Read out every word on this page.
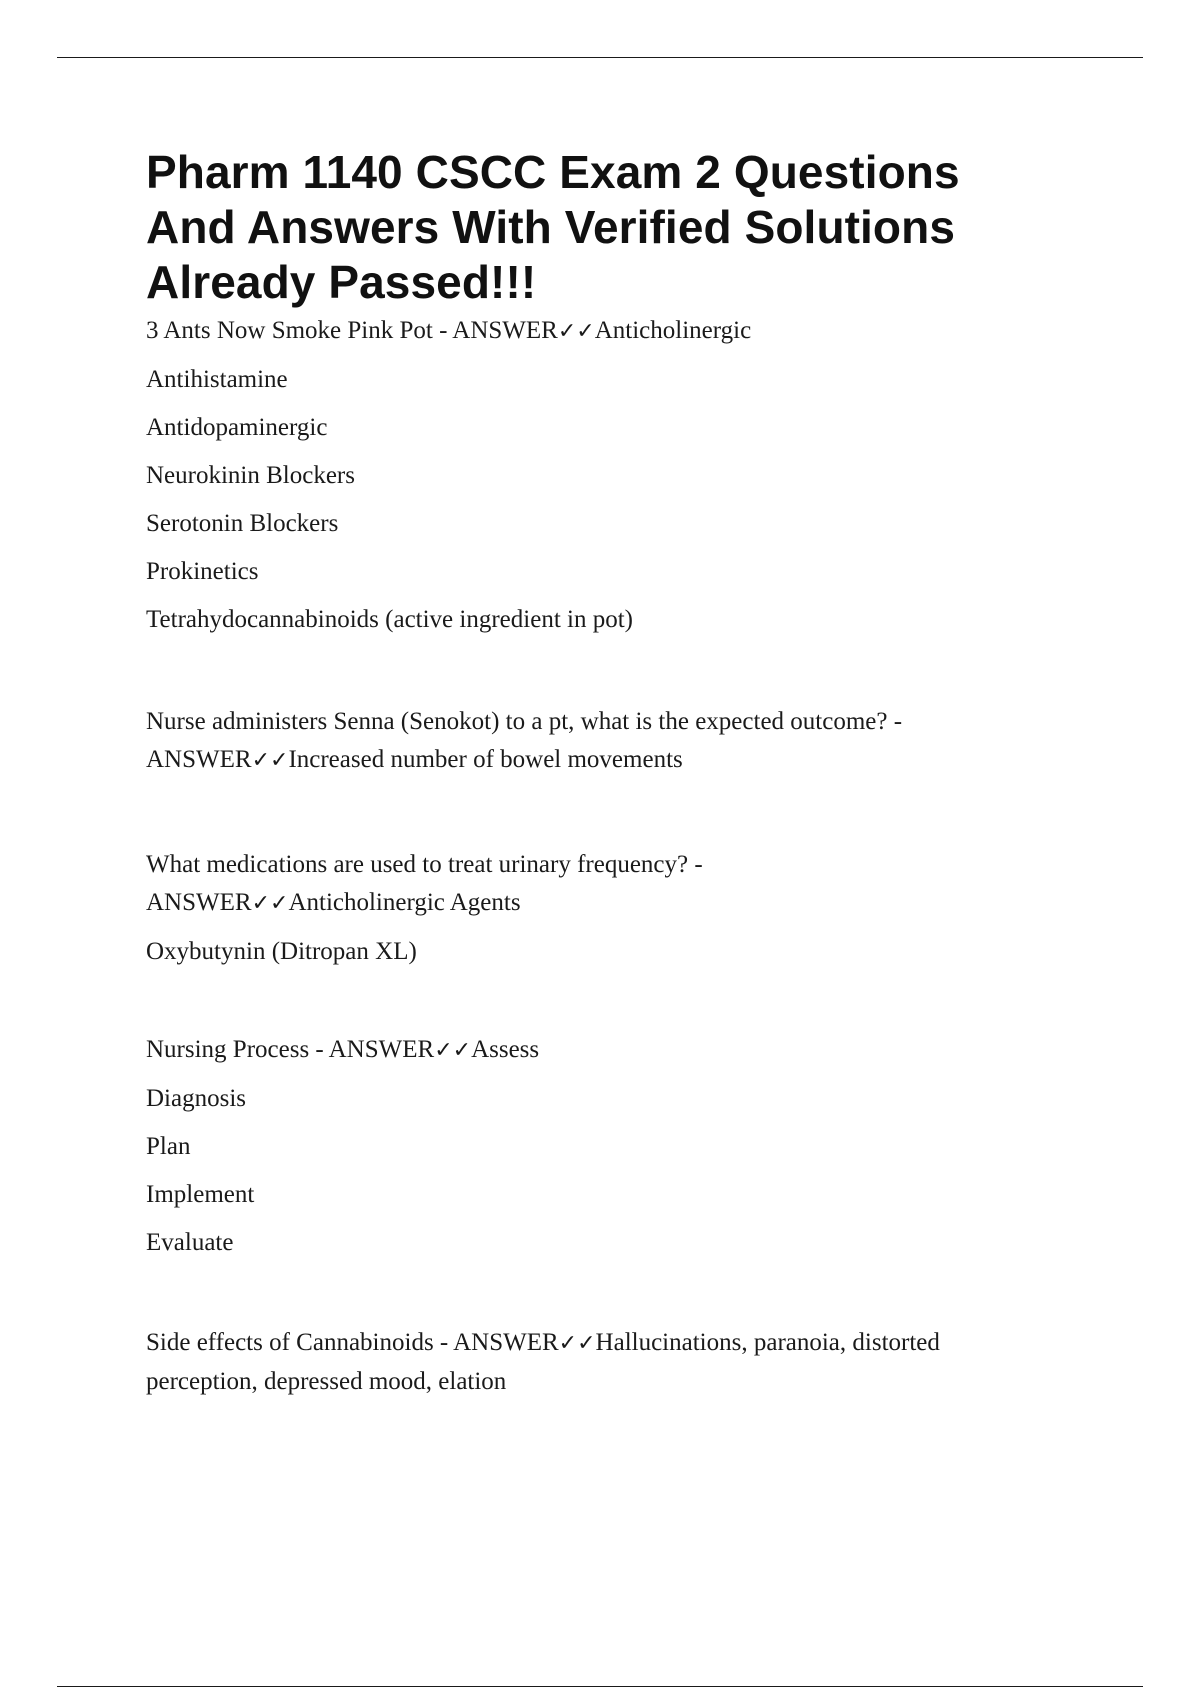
Pharm 1140 CSCC Exam 2 Questions
And Answers With Verified Solutions
Already Passed!!!

3 Ants Now Smoke Pink Pot - ANSWER✓✓Anticholinergic

Antihistamine

Antidopaminergic

Neurokinin Blockers

Serotonin Blockers

Prokinetics

Tetrahydocannabinoids (active ingredient in pot)

Nurse administers Senna (Senokot) to a pt, what is the expected outcome? -

ANSWER✓✓Increased number of bowel movements

What medications are used to treat urinary frequency? -

ANSWER✓✓Anticholinergic Agents

Oxybutynin (Ditropan XL)

Nursing Process - ANSWER✓✓Assess

Diagnosis

Plan

Implement

Evaluate

Side effects of Cannabinoids - ANSWER✓✓Hallucinations, paranoia, distorted

perception, depressed mood, elation
